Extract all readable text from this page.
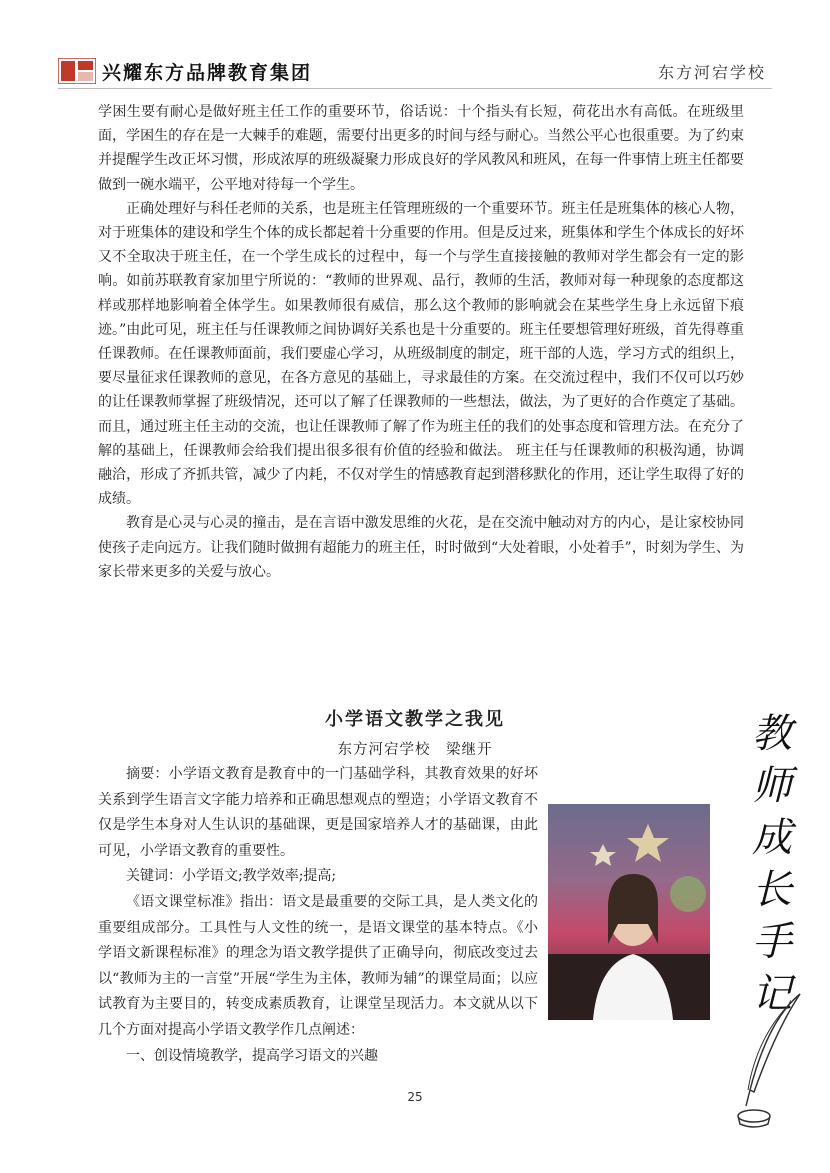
兴耀东方品牌教育集团	东方河宕学校

学困生要有耐心是做好班主任工作的重要环节，俗话说：十个指头有长短，荷花出水有高低。在班级里面，学困生的存在是一大棘手的难题，需要付出更多的时间与经与耐心。当然公平心也很重要。为了约束并提醒学生改正坏习惯，形成浓厚的班级凝聚力形成良好的学风教风和班风，在每一件事情上班主任都要做到一碗水端平，公平地对待每一个学生。

正确处理好与科任老师的关系，也是班主任管理班级的一个重要环节。班主任是班集体的核心人物，对于班集体的建设和学生个体的成长都起着十分重要的作用。但是反过来，班集体和学生个体成长的好坏又不全取决于班主任，在一个学生成长的过程中，每一个与学生直接接触的教师对学生都会有一定的影响。如前苏联教育家加里宁所说的：“教师的世界观、品行，教师的生活，教师对每一种现象的态度都这样或那样地影响着全体学生。如果教师很有威信，那么这个教师的影响就会在某些学生身上永远留下痕迹。”由此可见，班主任与任课教师之间协调好关系也是十分重要的。班主任要想管理好班级，首先得尊重任课教师。在任课教师面前，我们要虚心学习，从班级制度的制定，班干部的人选，学习方式的组织上，要尽量征求任课教师的意见，在各方意见的基础上，寻求最佳的方案。在交流过程中，我们不仅可以巧妙的让任课教师掌握了班级情况，还可以了解了任课教师的一些想法，做法，为了更好的合作奠定了基础。而且，通过班主任主动的交流，也让任课教师了解了作为班主任的我们的处事态度和管理方法。在充分了解的基础上，任课教师会给我们提出很多很有价值的经验和做法。 班主任与任课教师的积极沟通，协调融洽，形成了齐抓共管，减少了内耗，不仅对学生的情感教育起到潜移默化的作用，还让学生取得了好的成绩。

教育是心灵与心灵的撞击，是在言语中激发思维的火花，是在交流中触动对方的内心，是让家校协同使孩子走向远方。让我们随时做拥有超能力的班主任，时时做到“大处着眼，小处着手”，时刻为学生、为家长带来更多的关爱与放心。

小学语文教学之我见
东方河宕学校　梁继开

摘要：小学语文教育是教育中的一门基础学科，其教育效果的好坏关系到学生语言文字能力培养和正确思想观点的塑造；小学语文教育不仅是学生本身对人生认识的基础课，更是国家培养人才的基础课，由此可见，小学语文教育的重要性。

关键词：小学语文;教学效率;提高;

《语文课堂标准》指出：语文是最重要的交际工具，是人类文化的重要组成部分。工具性与人文性的统一，是语文课堂的基本特点。《小学语文新课程标准》的理念为语文教学提供了正确导向，彻底改变过去以“教师为主的一言堂”开展“学生为主体，教师为辅”的课堂局面；以应试教育为主要目的，转变成素质教育，让课堂呈现活力。本文就从以下几个方面对提高小学语文教学作几点阐述：

一、创设情境教学，提高学习语文的兴趣

教
师
成
长
手
记
25
